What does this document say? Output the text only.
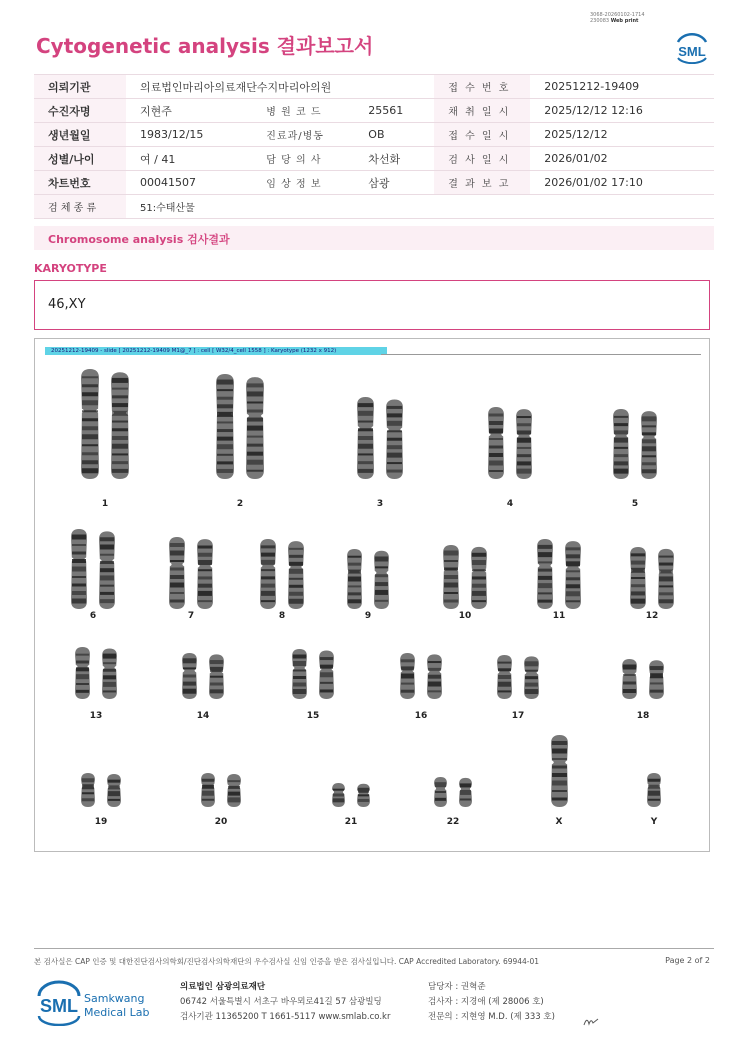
3068-20260102-1714
230083 Web print
Cytogenetic analysis 결과보고서	SML
의뢰기관	의료법인마리아의료재단수지마리아의원			접 수 번 호	20251212-19409
수진자명	지현주	병 원 코 드	25561	채 취 일 시	2025/12/12 12:16
생년월일	1983/12/15	진료과/병동	OB	접 수 일 시	2025/12/12
성별/나이	여 / 41	담 당 의 사	차선화	검 사 일 시	2026/01/02
차트번호	00041507	임 상 정 보	삼광	결 과 보 고	2026/01/02 17:10
검 체 종 류	51:수태산물				
Chromosome analysis 검사결과
KARYOTYPE
46,XY
20251212-19409 - slide [ 20251212-19409 M1@_7 ] : cell [ W32/4_cell 1558 ] : Karyotype (1232 x 912)
1	2	3	4	5
6	7	8	9	10	11	12
13	14	15	16	17	18
19	20	21	22	X	Y
본 검사실은 CAP 인증 및 대한진단검사의학회/진단검사의학재단의 우수검사실 신임 인증을 받은 검사실입니다. CAP Accredited Laboratory. 69944-01	Page 2 of 2
SML Samkwang
Medical Lab
의료법인 삼광의료재단
06742 서울특별시 서초구 바우뫼로41길 57 삼광빌딩
검사기관 11365200 T 1661-5117 www.smlab.co.kr
담당자 : 권혁준
검사자 : 지경애 (제 28006 호)
전문의 : 지현영 M.D. (제 333 호)
